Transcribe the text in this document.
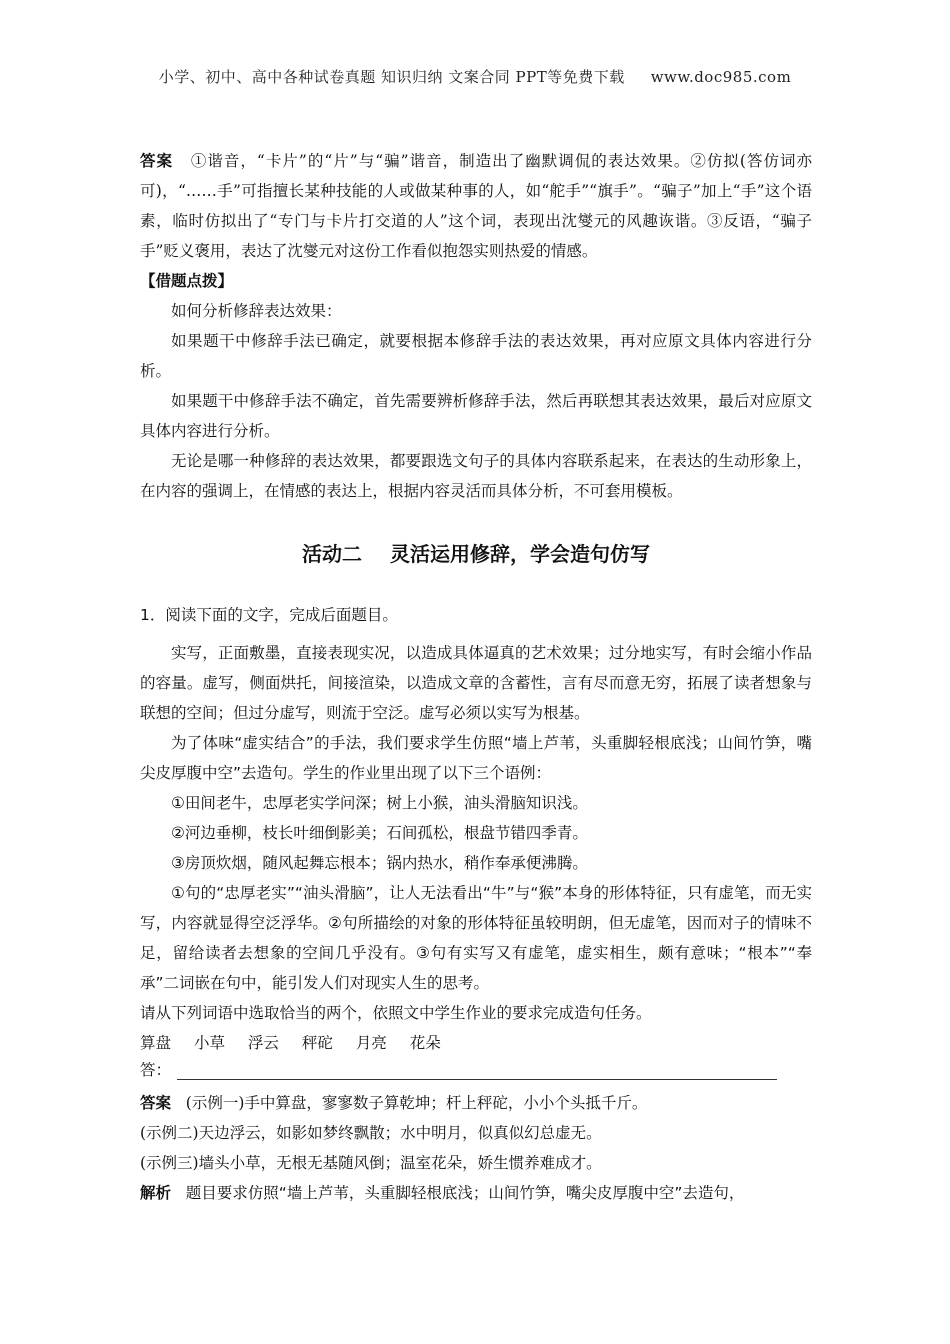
小学、初中、高中各种试卷真题 知识归纳 文案合同 PPT等免费下载 www.doc985.com

答案 ①谐音，“卡片”的“片”与“骗”谐音，制造出了幽默调侃的表达效果。②仿拟(答仿词亦可)，“……手”可指擅长某种技能的人或做某种事的人，如“舵手”“旗手”。“骗子”加上“手”这个语素，临时仿拟出了“专门与卡片打交道的人”这个词，表现出沈燮元的风趣诙谐。③反语，“骗子手”贬义褒用，表达了沈燮元对这份工作看似抱怨实则热爱的情感。

【借题点拨】

如何分析修辞表达效果：

如果题干中修辞手法已确定，就要根据本修辞手法的表达效果，再对应原文具体内容进行分析。

如果题干中修辞手法不确定，首先需要辨析修辞手法，然后再联想其表达效果，最后对应原文具体内容进行分析。

无论是哪一种修辞的表达效果，都要跟选文句子的具体内容联系起来，在表达的生动形象上，在内容的强调上，在情感的表达上，根据内容灵活而具体分析，不可套用模板。

活动二 灵活运用修辞，学会造句仿写

1．阅读下面的文字，完成后面题目。

实写，正面敷墨，直接表现实况，以造成具体逼真的艺术效果；过分地实写，有时会缩小作品的容量。虚写，侧面烘托，间接渲染，以造成文章的含蓄性，言有尽而意无穷，拓展了读者想象与联想的空间；但过分虚写，则流于空泛。虚写必须以实写为根基。

为了体味“虚实结合”的手法，我们要求学生仿照“墙上芦苇，头重脚轻根底浅；山间竹笋，嘴尖皮厚腹中空”去造句。学生的作业里出现了以下三个语例：

①田间老牛，忠厚老实学问深；树上小猴，油头滑脑知识浅。

②河边垂柳，枝长叶细倒影美；石间孤松，根盘节错四季青。

③房顶炊烟，随风起舞忘根本；锅内热水，稍作奉承便沸腾。

①句的“忠厚老实”“油头滑脑”，让人无法看出“牛”与“猴”本身的形体特征，只有虚笔，而无实写，内容就显得空泛浮华。②句所描绘的对象的形体特征虽较明朗，但无虚笔，因而对子的情味不足，留给读者去想象的空间几乎没有。③句有实写又有虚笔，虚实相生，颇有意味；“根本”“奉承”二词嵌在句中，能引发人们对现实人生的思考。

请从下列词语中选取恰当的两个，依照文中学生作业的要求完成造句任务。

算盘 小草 浮云 秤砣 月亮 花朵

答：

答案 (示例一)手中算盘，寥寥数子算乾坤；杆上秤砣，小小个头抵千斤。

(示例二)天边浮云，如影如梦终飘散；水中明月，似真似幻总虚无。

(示例三)墙头小草，无根无基随风倒；温室花朵，娇生惯养难成才。

解析 题目要求仿照“墙上芦苇，头重脚轻根底浅；山间竹笋，嘴尖皮厚腹中空”去造句，
